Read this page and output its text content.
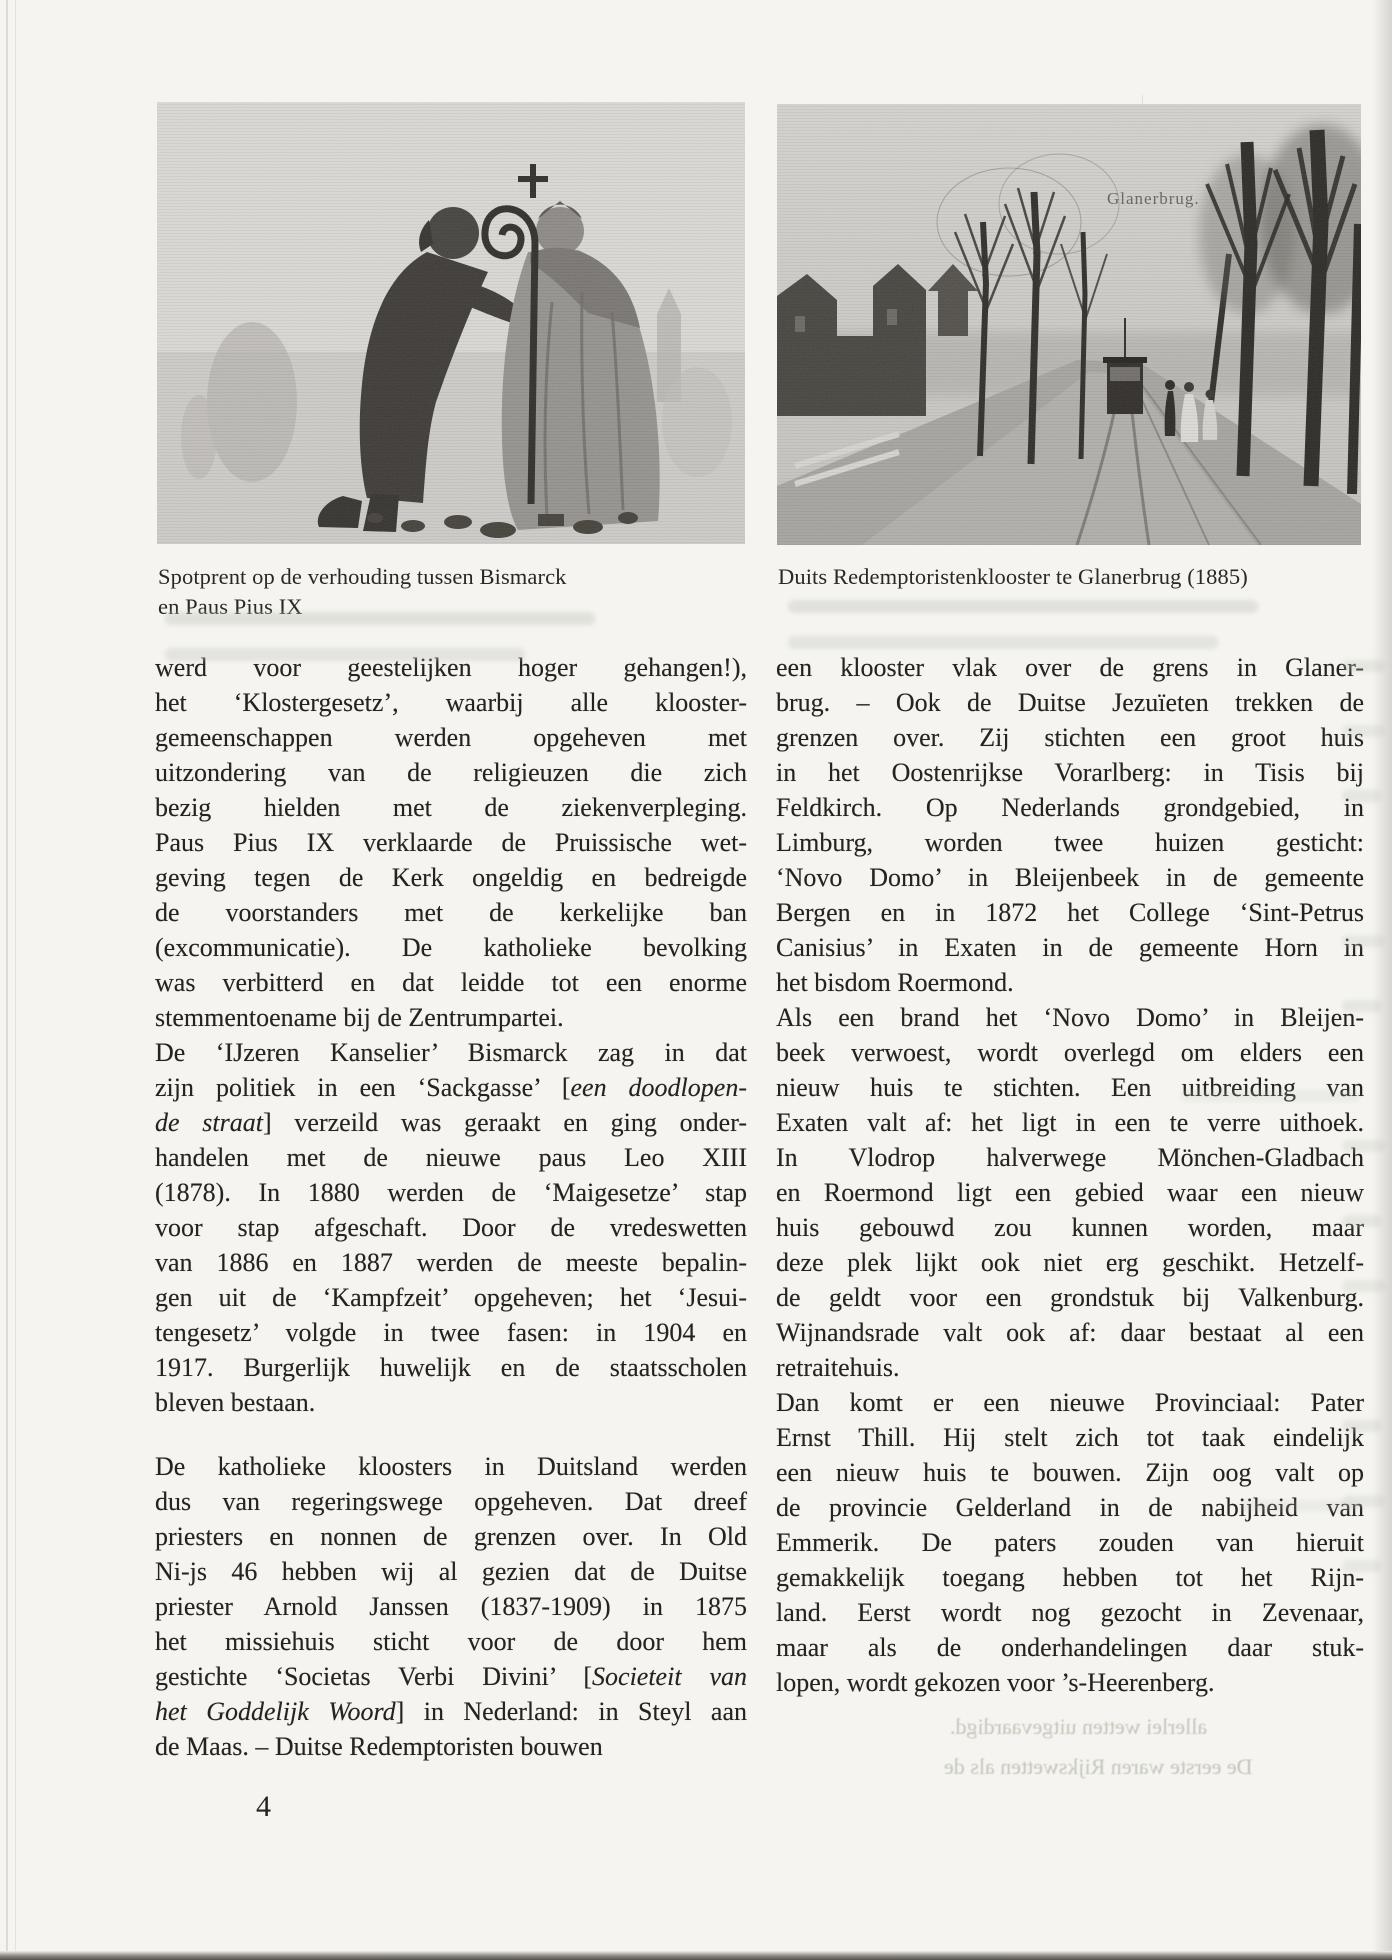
Spotprent op de verhouding tussen Bismarck
en Paus Pius IX
Duits Redemptoristenklooster te Glanerbrug (1885)
werd voor geestelijken hoger gehangen!),
het ‘Klostergesetz’, waarbij alle klooster-
gemeenschappen werden opgeheven met
uitzondering van de religieuzen die zich
bezig hielden met de ziekenverpleging.
Paus Pius IX verklaarde de Pruissische wet-
geving tegen de Kerk ongeldig en bedreigde
de voorstanders met de kerkelijke ban
(excommunicatie). De katholieke bevolking
was verbitterd en dat leidde tot een enorme
stemmentoename bij de Zentrumpartei.
De ‘IJzeren Kanselier’ Bismarck zag in dat
zijn politiek in een ‘Sackgasse’ [een doodlopen-
de straat] verzeild was geraakt en ging onder-
handelen met de nieuwe paus Leo XIII
(1878). In 1880 werden de ‘Maigesetze’ stap
voor stap afgeschaft. Door de vredeswetten
van 1886 en 1887 werden de meeste bepalin-
gen uit de ‘Kampfzeit’ opgeheven; het ‘Jesui-
tengesetz’ volgde in twee fasen: in 1904 en
1917. Burgerlijk huwelijk en de staatsscholen
bleven bestaan.
De katholieke kloosters in Duitsland werden
dus van regeringswege opgeheven. Dat dreef
priesters en nonnen de grenzen over. In Old
Ni-js 46 hebben wij al gezien dat de Duitse
priester Arnold Janssen (1837-1909) in 1875
het missiehuis sticht voor de door hem
gestichte ‘Societas Verbi Divini’ [Societeit van
het Goddelijk Woord] in Nederland: in Steyl aan
de Maas. – Duitse Redemptoristen bouwen
een klooster vlak over de grens in Glaner-
brug. – Ook de Duitse Jezuïeten trekken de
grenzen over. Zij stichten een groot huis
in het Oostenrijkse Vorarlberg: in Tisis bij
Feldkirch. Op Nederlands grondgebied, in
Limburg, worden twee huizen gesticht:
‘Novo Domo’ in Bleijenbeek in de gemeente
Bergen en in 1872 het College ‘Sint-Petrus
Canisius’ in Exaten in de gemeente Horn in
het bisdom Roermond.
Als een brand het ‘Novo Domo’ in Bleijen-
beek verwoest, wordt overlegd om elders een
nieuw huis te stichten. Een uitbreiding van
Exaten valt af: het ligt in een te verre uithoek.
In Vlodrop halverwege Mönchen-Gladbach
en Roermond ligt een gebied waar een nieuw
huis gebouwd zou kunnen worden, maar
deze plek lijkt ook niet erg geschikt. Hetzelf-
de geldt voor een grondstuk bij Valkenburg.
Wijnandsrade valt ook af: daar bestaat al een
retraitehuis.
Dan komt er een nieuwe Provinciaal: Pater
Ernst Thill. Hij stelt zich tot taak eindelijk
een nieuw huis te bouwen. Zijn oog valt op
de provincie Gelderland in de nabijheid van
Emmerik. De paters zouden van hieruit
gemakkelijk toegang hebben tot het Rijn-
land. Eerst wordt nog gezocht in Zevenaar,
maar als de onderhandelingen daar stuk-
lopen, wordt gekozen voor ’s-Heerenberg.
4
allerlei wetten uitgevaardigd.
De eerste waren Rijkswetten als de
